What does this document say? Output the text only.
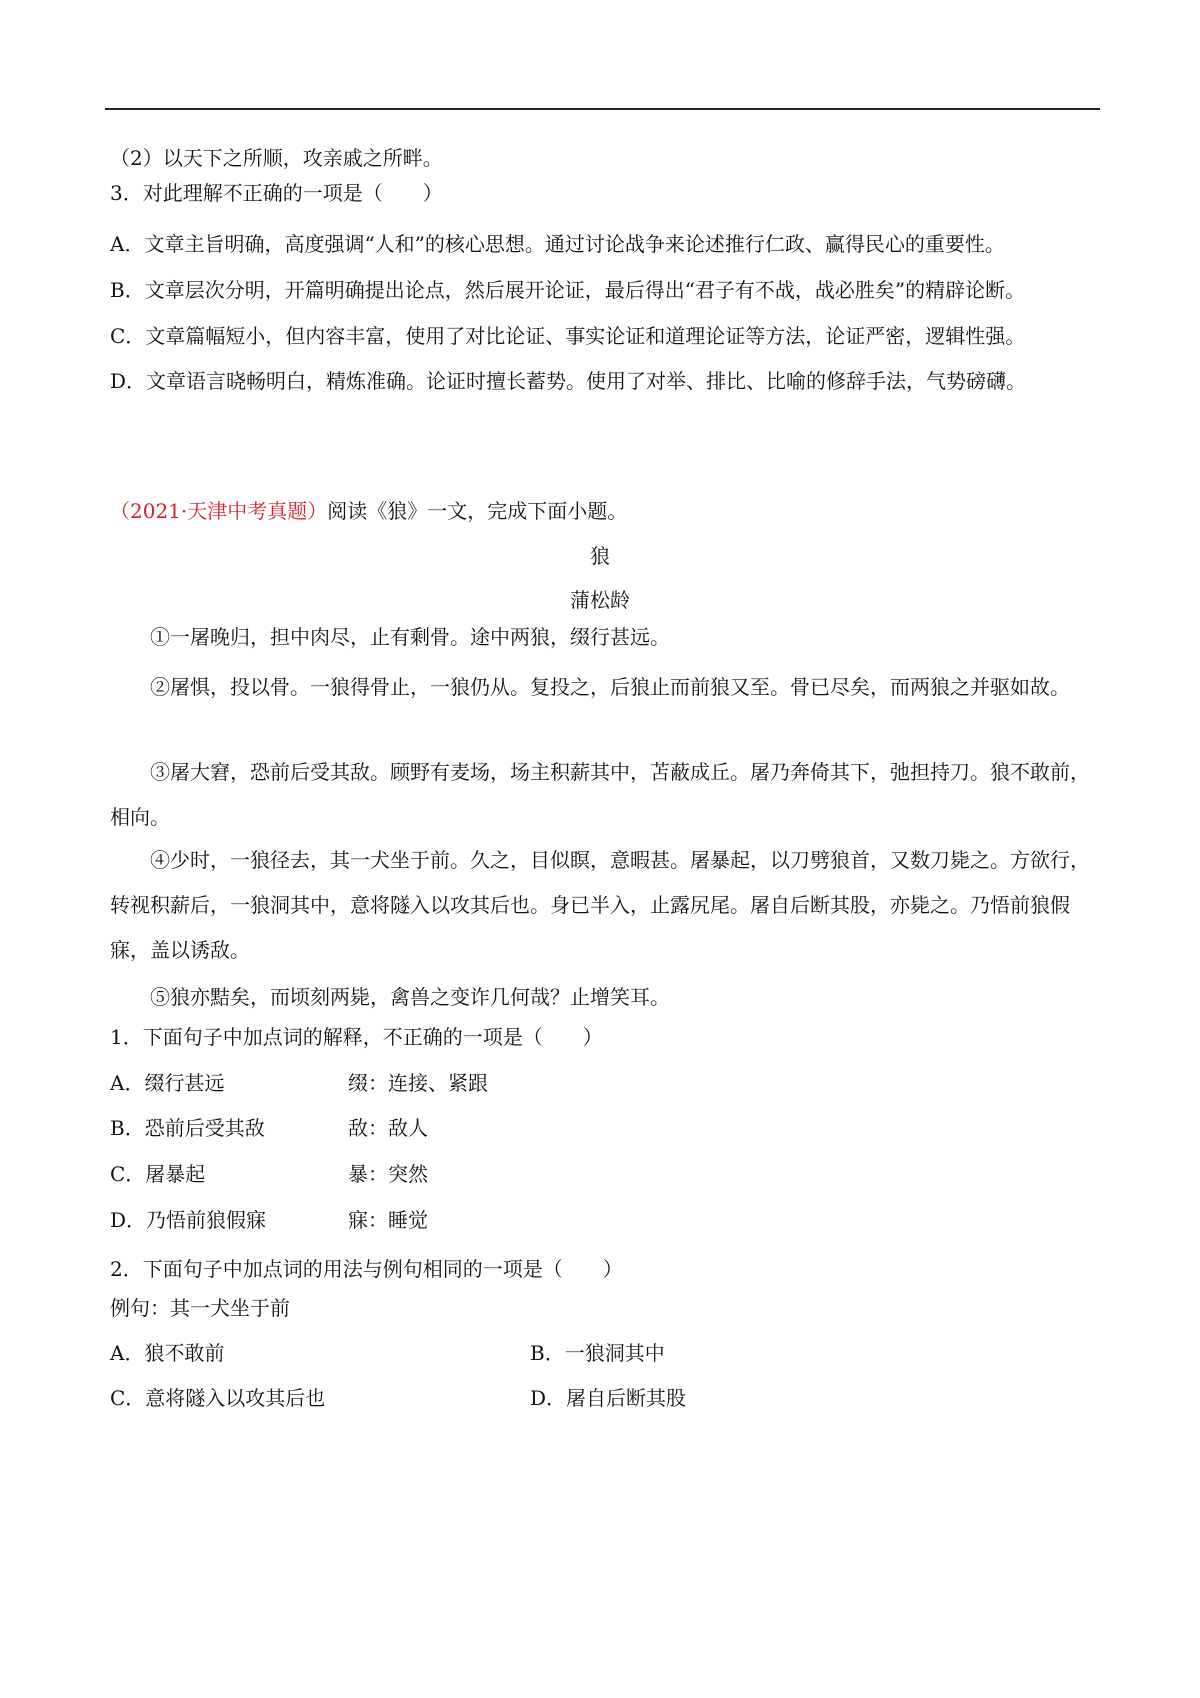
（2）以天下之所顺，攻亲戚之所畔。
3．对此理解不正确的一项是（　　）
A．文章主旨明确，高度强调“人和”的核心思想。通过讨论战争来论述推行仁政、赢得民心的重要性。
B．文章层次分明，开篇明确提出论点，然后展开论证，最后得出“君子有不战，战必胜矣”的精辟论断。
C．文章篇幅短小，但内容丰富，使用了对比论证、事实论证和道理论证等方法，论证严密，逻辑性强。
D．文章语言晓畅明白，精炼准确。论证时擅长蓄势。使用了对举、排比、比喻的修辞手法，气势磅礴。
（2021·天津中考真题）阅读《狼》一文，完成下面小题。
狼
蒲松龄
①一屠晚归，担中肉尽，止有剩骨。途中两狼，缀行甚远。
②屠惧，投以骨。一狼得骨止，一狼仍从。复投之，后狼止而前狼又至。骨已尽矣，而两狼之并驱如故。
③屠大窘，恐前后受其敌。顾野有麦场，场主积薪其中，苫蔽成丘。屠乃奔倚其下，弛担持刀。狼不敢前，相向。
④少时，一狼径去，其一犬坐于前。久之，目似瞑，意暇甚。屠暴起，以刀劈狼首，又数刀毙之。方欲行，转视积薪后，一狼洞其中，意将隧入以攻其后也。身已半入，止露尻尾。屠自后断其股，亦毙之。乃悟前狼假寐，盖以诱敌。
⑤狼亦黠矣，而顷刻两毙，禽兽之变诈几何哉？止增笑耳。
1．下面句子中加点词的解释，不正确的一项是（　　）
A．缀行甚远	缀：连接、紧跟
B．恐前后受其敌	敌：敌人
C．屠暴起	暴：突然
D．乃悟前狼假寐	寐：睡觉
2．下面句子中加点词的用法与例句相同的一项是（　　）
例句：其一犬坐于前
A．狼不敢前	B．一狼洞其中
C．意将隧入以攻其后也	D．屠自后断其股
